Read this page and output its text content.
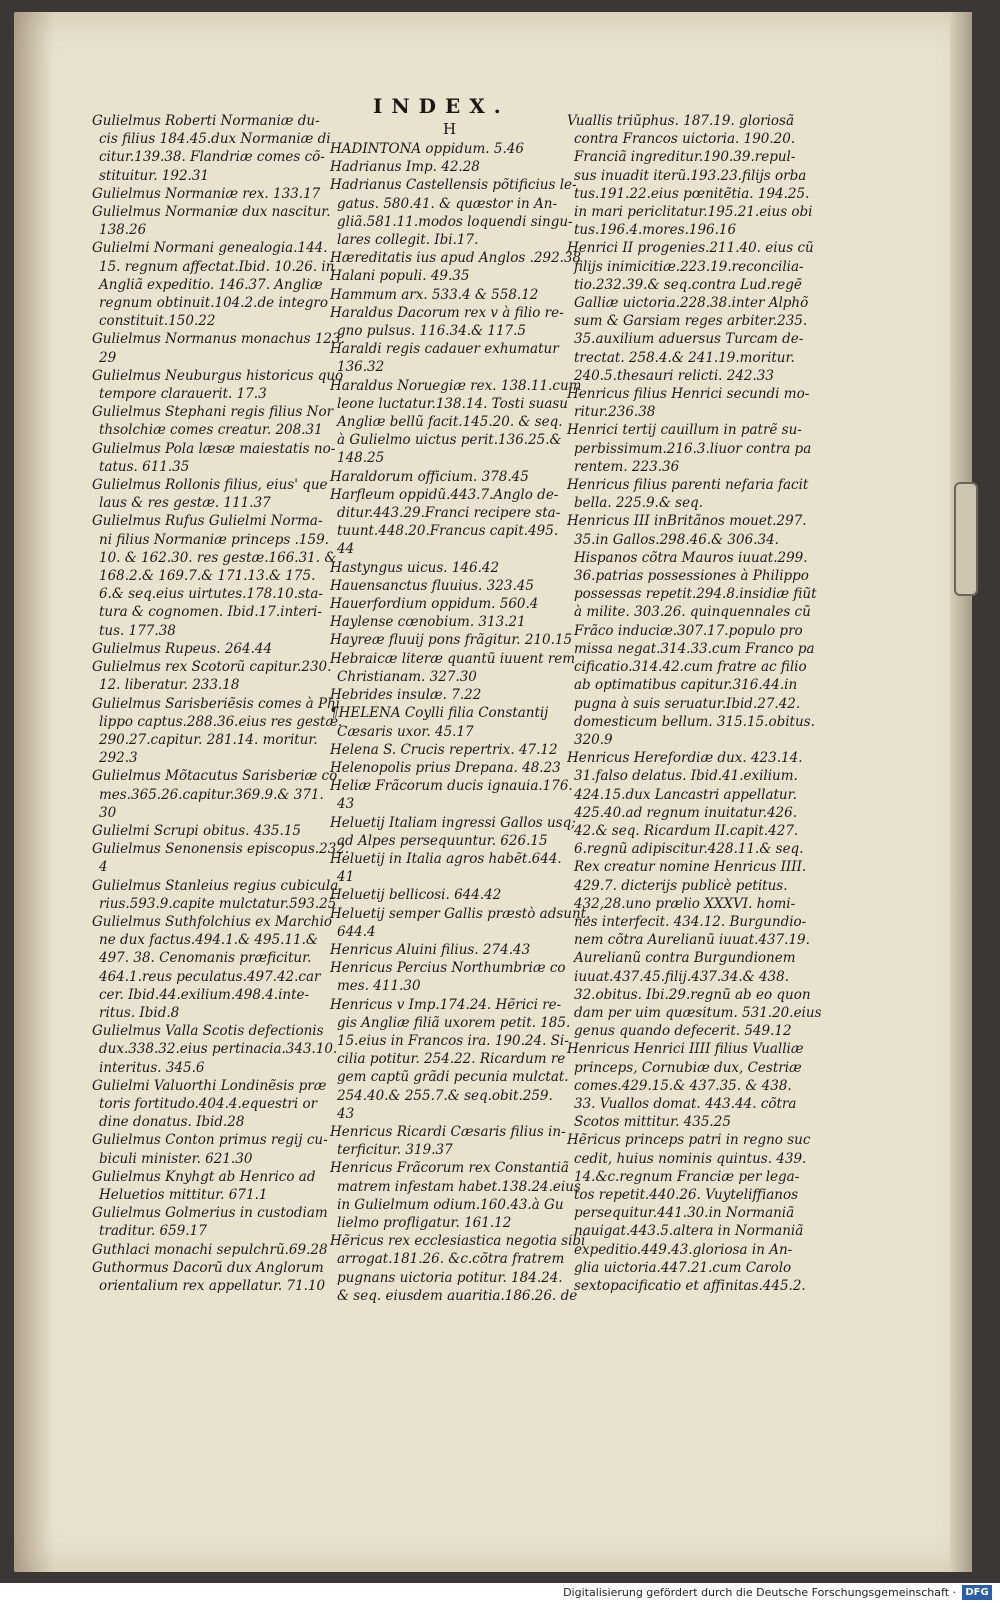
INDEX.
H
Gulielmus Roberti Normaniæ du-
cis filius 184.45.dux Normaniæ di
citur.139.38. Flandriæ comes cõ-
stituitur. 192.31
Gulielmus Normaniæ rex. 133.17
Gulielmus Normaniæ dux nascitur.
138.26
Gulielmi Normani genealogia.144.
15. regnum affectat.Ibid. 10.26. in
Angliã expeditio. 146.37. Angliæ
regnum obtinuit.104.2.de integro
constituit.150.22
Gulielmus Normanus monachus 123.
29
Gulielmus Neuburgus historicus quo
tempore clarauerit. 17.3
Gulielmus Stephani regis filius Nor
thsolchiæ comes creatur. 208.31
Gulielmus Pola læsæ maiestatis no-
tatus. 611.35
Gulielmus Rollonis filius, eius' que
laus & res gestæ. 111.37
Gulielmus Rufus Gulielmi Norma-
ni filius Normaniæ princeps .159.
10. & 162.30. res gestæ.166.31. &
168.2.& 169.7.& 171.13.& 175.
6.& seq.eius uirtutes.178.10.sta-
tura & cognomen. Ibid.17.interi-
tus. 177.38
Gulielmus Rupeus. 264.44
Gulielmus rex Scotorũ capitur.230.
12. liberatur. 233.18
Gulielmus Sarisberiẽsis comes à Phi
lippo captus.288.36.eius res gestæ.
290.27.capitur. 281.14. moritur.
292.3
Gulielmus Mõtacutus Sarisberiæ co
mes.365.26.capitur.369.9.& 371.
30
Gulielmi Scrupi obitus. 435.15
Gulielmus Senonensis episcopus.232.
4
Gulielmus Stanleius regius cubicula
rius.593.9.capite mulctatur.593.25
Gulielmus Suthfolchius ex Marchio
ne dux factus.494.1.& 495.11.&
497. 38. Cenomanis præficitur.
464.1.reus peculatus.497.42.car
cer. Ibid.44.exilium.498.4.inte-
ritus. Ibid.8
Gulielmus Valla Scotis defectionis
dux.338.32.eius pertinacia.343.10.
interitus. 345.6
Gulielmi Valuorthi Londinẽsis præ
toris fortitudo.404.4.equestri or
dine donatus. Ibid.28
Gulielmus Conton primus regij cu-
biculi minister. 621.30
Gulielmus Knyhgt ab Henrico ad
Heluetios mittitur. 671.1
Gulielmus Golmerius in custodiam
traditur. 659.17
Guthlaci monachi sepulchrũ.69.28
Guthormus Dacorũ dux Anglorum
orientalium rex appellatur. 71.10
HADINTONA oppidum. 5.46
Hadrianus Imp. 42.28
Hadrianus Castellensis põtificius le-
gatus. 580.41. & quæstor in An-
gliã.581.11.modos loquendi singu-
lares collegit. Ibi.17.
Hæreditatis ius apud Anglos .292.38
Halani populi. 49.35
Hammum arx. 533.4 & 558.12
Haraldus Dacorum rex v à filio re-
gno pulsus. 116.34.& 117.5
Haraldi regis cadauer exhumatur
136.32
Haraldus Noruegiæ rex. 138.11.cum
leone luctatur.138.14. Tosti suasu
Angliæ bellũ facit.145.20. & seq.
à Gulielmo uictus perit.136.25.&
148.25
Haraldorum officium. 378.45
Harfleum oppidũ.443.7.Anglo de-
ditur.443.29.Franci recipere sta-
tuunt.448.20.Francus capit.495.
44
Hastyngus uicus. 146.42
Hauensanctus fluuius. 323.45
Hauerfordium oppidum. 560.4
Haylense cœnobium. 313.21
Hayreæ fluuij pons frãgitur. 210.15
Hebraicæ literæ quantũ iuuent rem
Christianam. 327.30
Hebrides insulæ. 7.22
¶HELENA Coylli filia Constantij
Cæsaris uxor. 45.17
Helena S. Crucis repertrix. 47.12
Helenopolis prius Drepana. 48.23
Heliæ Frãcorum ducis ignauia.176.
43
Heluetij Italiam ingressi Gallos usq;
ad Alpes persequuntur. 626.15
Heluetij in Italia agros habẽt.644.
41
Heluetij bellicosi. 644.42
Heluetij semper Gallis præstò adsunt.
644.4
Henricus Aluini filius. 274.43
Henricus Percius Northumbriæ co
mes. 411.30
Henricus v Imp.174.24. Hẽrici re-
gis Angliæ filiã uxorem petit. 185.
15.eius in Francos ira. 190.24. Si-
cilia potitur. 254.22. Ricardum re
gem captũ grãdi pecunia mulctat.
254.40.& 255.7.& seq.obit.259.
43
Henricus Ricardi Cæsaris filius in-
terficitur. 319.37
Henricus Frãcorum rex Constantiã
matrem infestam habet.138.24.eius
in Gulielmum odium.160.43.à Gu
lielmo profligatur. 161.12
Hẽricus rex ecclesiastica negotia sibi
arrogat.181.26. &c.cõtra fratrem
pugnans uictoria potitur. 184.24.
& seq. eiusdem auaritia.186.26. de
Vuallis triũphus. 187.19. gloriosã
contra Francos uictoria. 190.20.
Franciã ingreditur.190.39.repul-
sus inuadit iterũ.193.23.filijs orba
tus.191.22.eius pœnitẽtia. 194.25.
in mari periclitatur.195.21.eius obi
tus.196.4.mores.196.16
Henrici II progenies.211.40. eius cũ
filijs inimicitiæ.223.19.reconcilia-
tio.232.39.& seq.contra Lud.regẽ
Galliæ uictoria.228.38.inter Alphõ
sum & Garsiam reges arbiter.235.
35.auxilium aduersus Turcam de-
trectat. 258.4.& 241.19.moritur.
240.5.thesauri relicti. 242.33
Henricus filius Henrici secundi mo-
ritur.236.38
Henrici tertij cauillum in patrẽ su-
perbissimum.216.3.liuor contra pa
rentem. 223.36
Henricus filius parenti nefaria facit
bella. 225.9.& seq.
Henricus III inBritãnos mouet.297.
35.in Gallos.298.46.& 306.34.
Hispanos cõtra Mauros iuuat.299.
36.patrias possessiones à Philippo
possessas repetit.294.8.insidiæ fiũt
à milite. 303.26. quinquennales cũ
Frãco induciæ.307.17.populo pro
missa negat.314.33.cum Franco pa
cificatio.314.42.cum fratre ac filio
ab optimatibus capitur.316.44.in
pugna à suis seruatur.Ibid.27.42.
domesticum bellum. 315.15.obitus.
320.9
Henricus Herefordiæ dux. 423.14.
31.falso delatus. Ibid.41.exilium.
424.15.dux Lancastri appellatur.
425.40.ad regnum inuitatur.426.
42.& seq. Ricardum II.capit.427.
6.regnũ adipiscitur.428.11.& seq.
Rex creatur nomine Henricus IIII.
429.7. dicterijs publicè petitus.
432,28.uno prælio XXXVI. homi-
nes interfecit. 434.12. Burgundio-
nem cõtra Aurelianũ iuuat.437.19.
Aurelianũ contra Burgundionem
iuuat.437.45.filij.437.34.& 438.
32.obitus. Ibi.29.regnũ ab eo quon
dam per uim quæsitum. 531.20.eius
genus quando defecerit. 549.12
Henricus Henrici IIII filius Vualliæ
princeps, Cornubiæ dux, Cestriæ
comes.429.15.& 437.35. & 438.
33. Vuallos domat. 443.44. cõtra
Scotos mittitur. 435.25
Hẽricus princeps patri in regno suc
cedit, huius nominis quintus. 439.
14.&c.regnum Franciæ per lega-
tos repetit.440.26. Vuyteliffianos
persequitur.441.30.in Normaniã
nauigat.443.5.altera in Normaniã
expeditio.449.43.gloriosa in An-
glia uictoria.447.21.cum Carolo
sextopacificatio et affinitas.445.2.
Digitalisierung gefördert durch die Deutsche Forschungsgemeinschaft · DFG
